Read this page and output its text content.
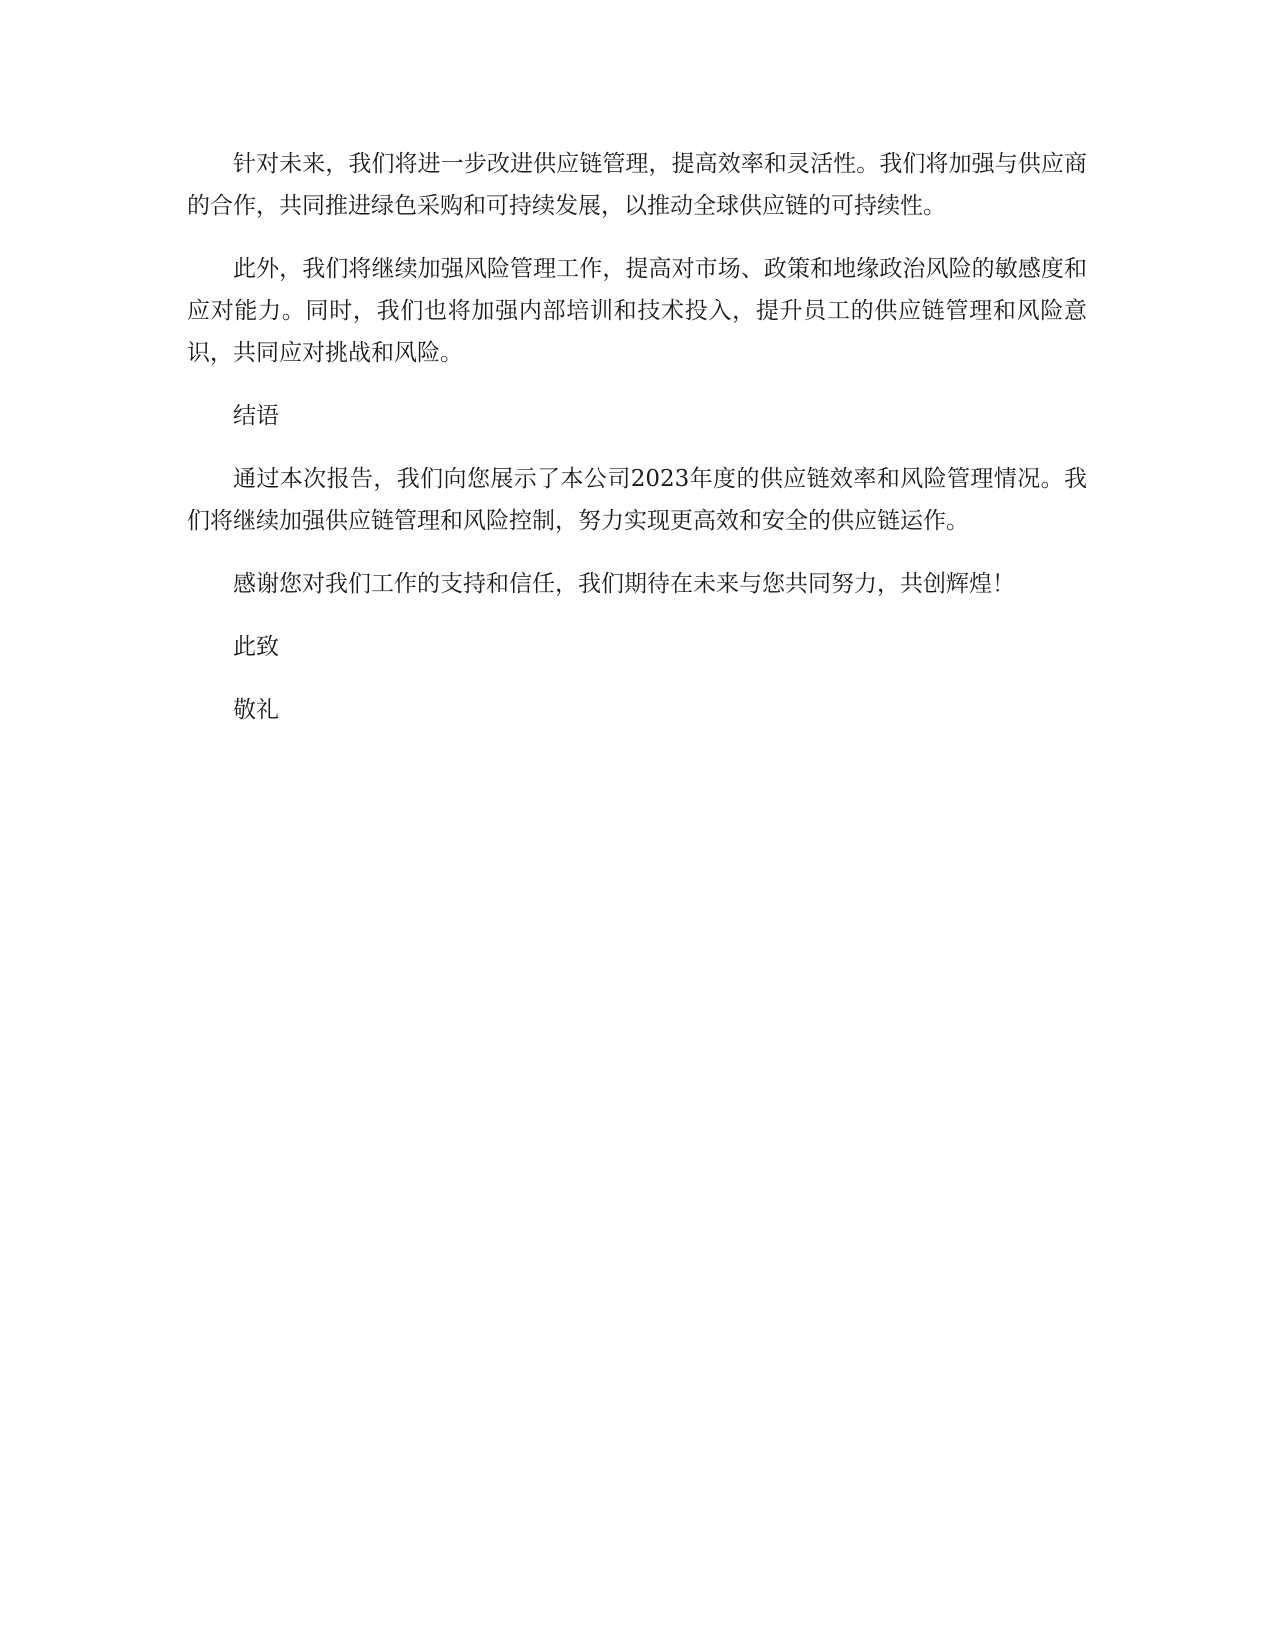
针对未来，我们将进一步改进供应链管理，提高效率和灵活性。我们将加强与供应商的合作，共同推进绿色采购和可持续发展，以推动全球供应链的可持续性。

此外，我们将继续加强风险管理工作，提高对市场、政策和地缘政治风险的敏感度和应对能力。同时，我们也将加强内部培训和技术投入，提升员工的供应链管理和风险意识，共同应对挑战和风险。

结语

通过本次报告，我们向您展示了本公司2023年度的供应链效率和风险管理情况。我们将继续加强供应链管理和风险控制，努力实现更高效和安全的供应链运作。

感谢您对我们工作的支持和信任，我们期待在未来与您共同努力，共创辉煌！

此致

敬礼
